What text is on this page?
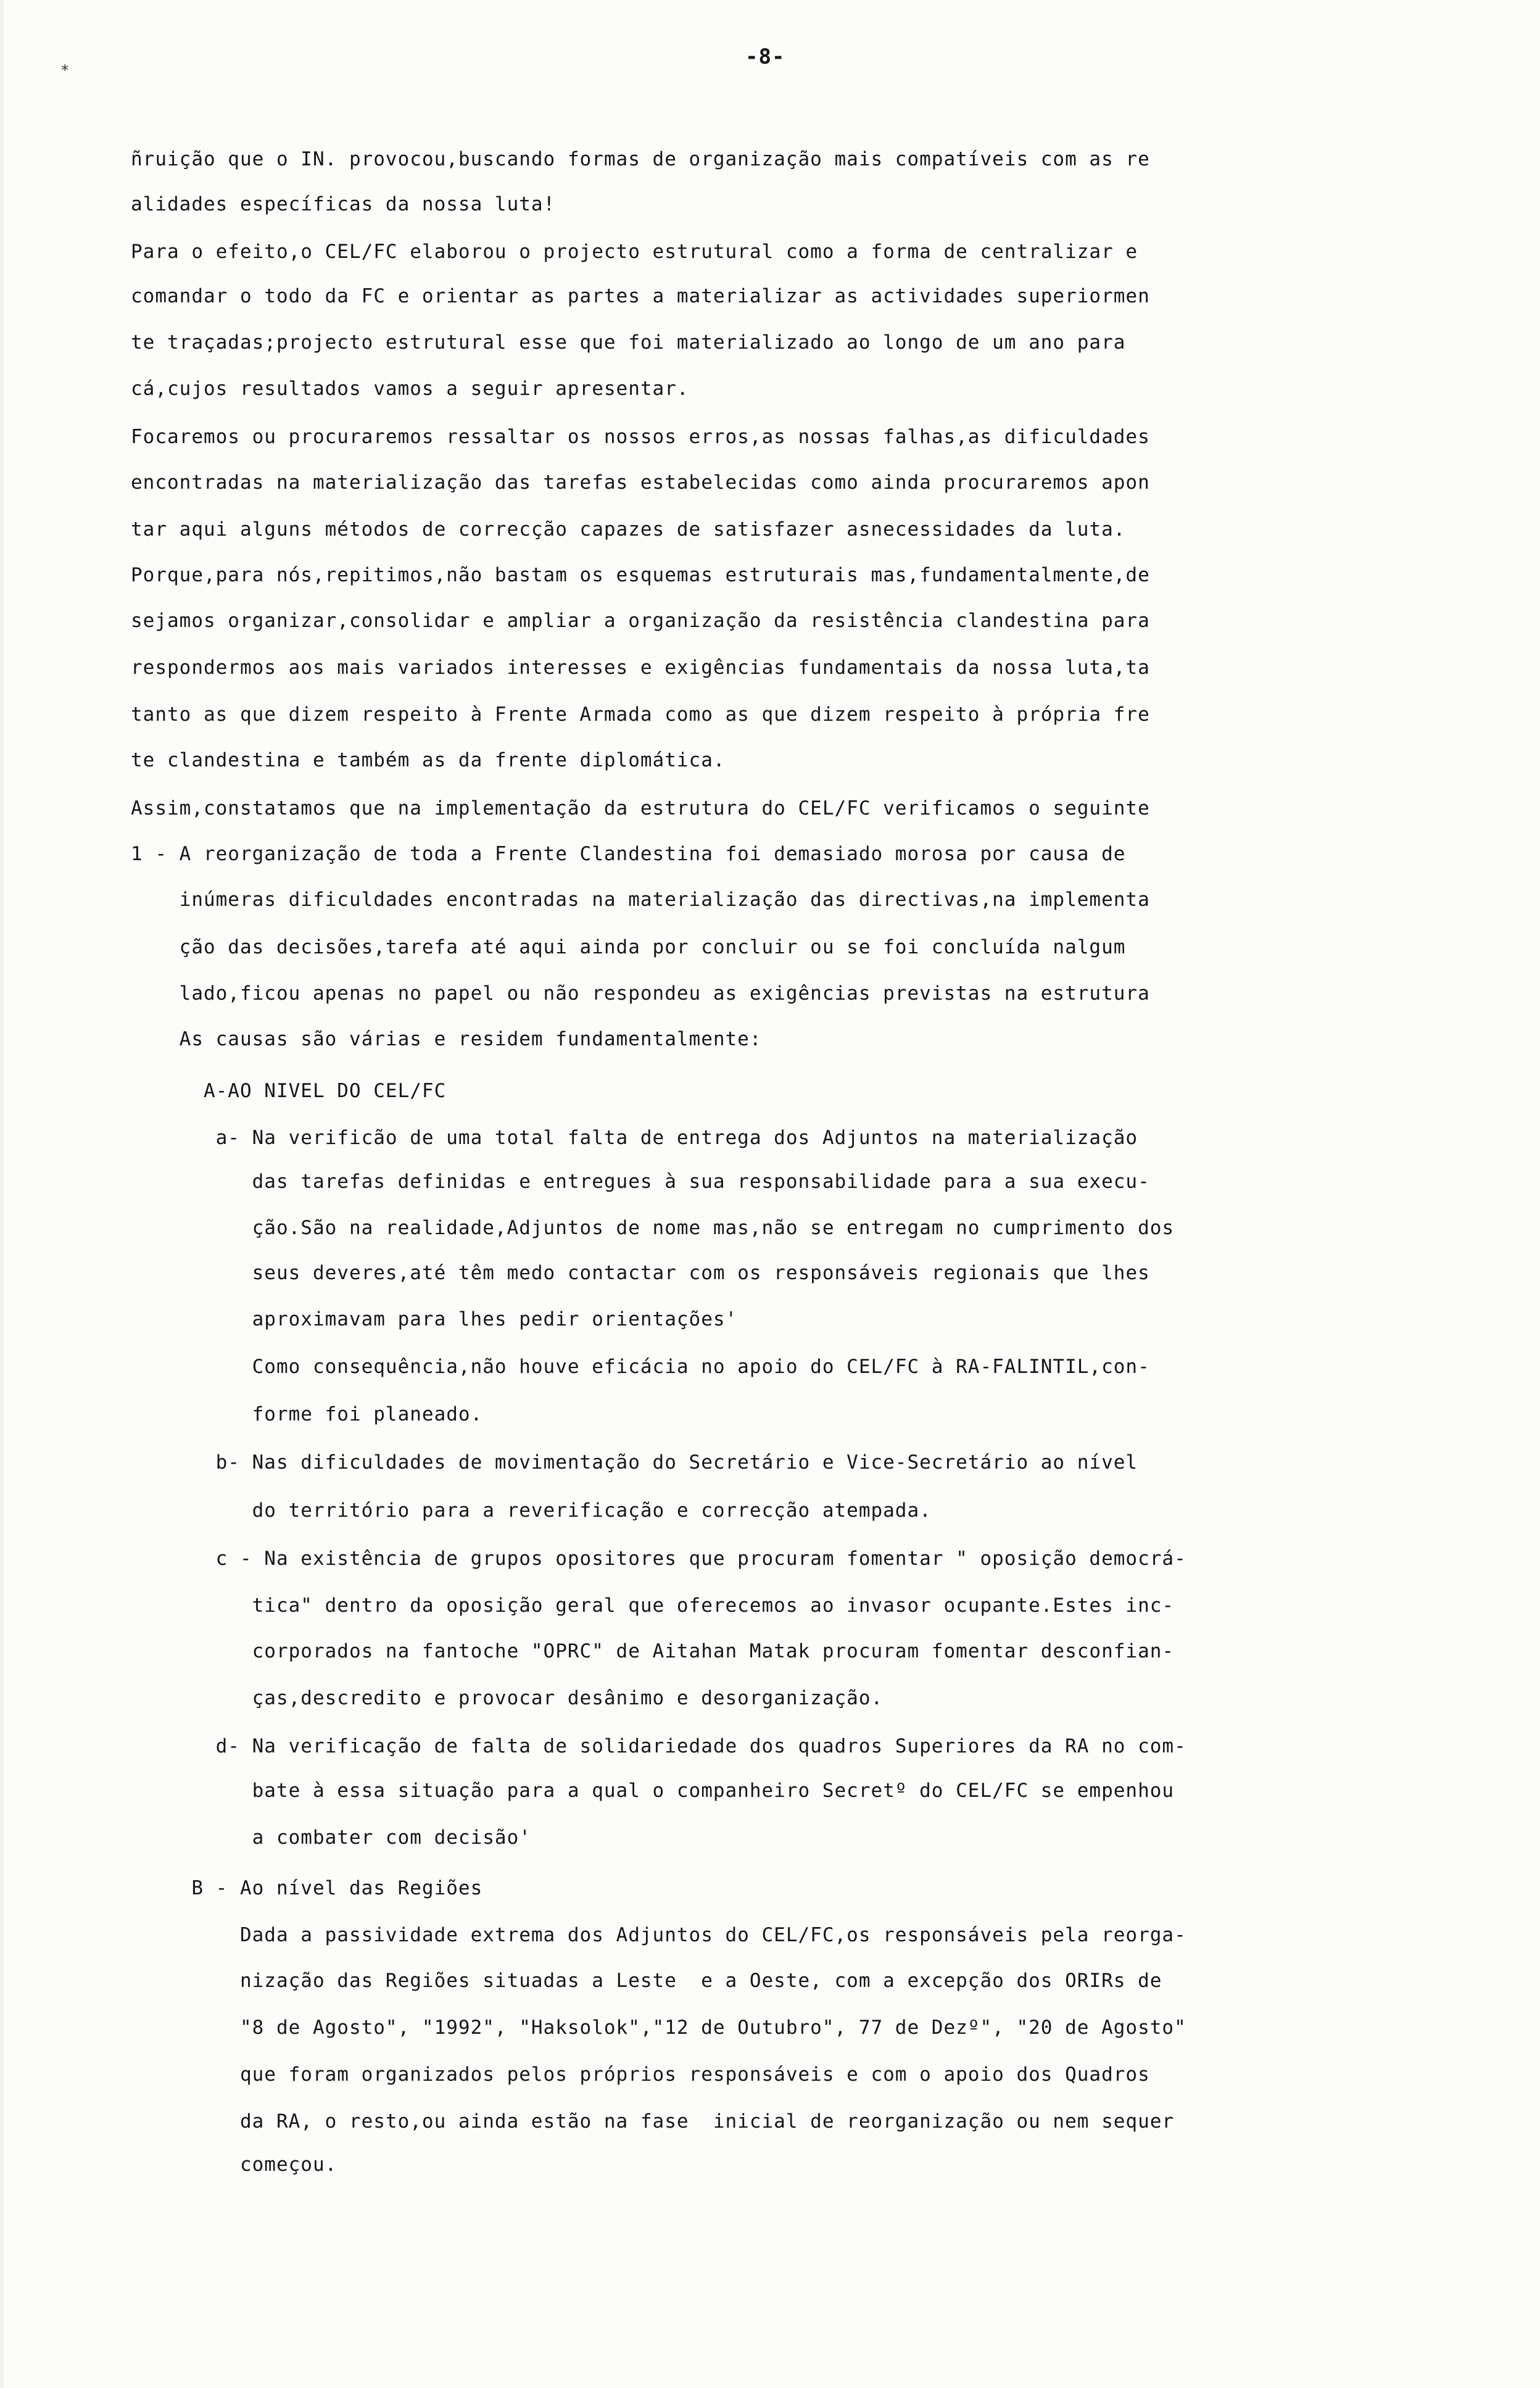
*
-8-
ñruição que o IN. provocou,buscando formas de organização mais compatíveis com as re
alidades específicas da nossa luta!
Para o efeito,o CEL/FC elaborou o projecto estrutural como a forma de centralizar e
comandar o todo da FC e orientar as partes a materializar as actividades superiormen
te traçadas;projecto estrutural esse que foi materializado ao longo de um ano para
cá,cujos resultados vamos a seguir apresentar.
Focaremos ou procuraremos ressaltar os nossos erros,as nossas falhas,as dificuldades
encontradas na materialização das tarefas estabelecidas como ainda procuraremos apon
tar aqui alguns métodos de correcção capazes de satisfazer asnecessidades da luta.
Porque,para nós,repitimos,não bastam os esquemas estruturais mas,fundamentalmente,de
sejamos organizar,consolidar e ampliar a organização da resistência clandestina para
respondermos aos mais variados interesses e exigências fundamentais da nossa luta,ta
tanto as que dizem respeito à Frente Armada como as que dizem respeito à própria fre
te clandestina e também as da frente diplomática.
Assim,constatamos que na implementação da estrutura do CEL/FC verificamos o seguinte
1 - A reorganização de toda a Frente Clandestina foi demasiado morosa por causa de
inúmeras dificuldades encontradas na materialização das directivas,na implementa
ção das decisões,tarefa até aqui ainda por concluir ou se foi concluída nalgum
lado,ficou apenas no papel ou não respondeu as exigências previstas na estrutura
As causas são várias e residem fundamentalmente:
A-AO NIVEL DO CEL/FC
a- Na verificão de uma total falta de entrega dos Adjuntos na materialização
das tarefas definidas e entregues à sua responsabilidade para a sua execu-
ção.São na realidade,Adjuntos de nome mas,não se entregam no cumprimento dos
seus deveres,até têm medo contactar com os responsáveis regionais que lhes
aproximavam para lhes pedir orientações'
Como consequência,não houve eficácia no apoio do CEL/FC à RA-FALINTIL,con-
forme foi planeado.
b- Nas dificuldades de movimentação do Secretário e Vice-Secretário ao nível
do território para a reverificação e correcção atempada.
c - Na existência de grupos opositores que procuram fomentar " oposição democrá-
tica" dentro da oposição geral que oferecemos ao invasor ocupante.Estes inc-
corporados na fantoche "OPRC" de Aitahan Matak procuram fomentar desconfian-
ças,descredito e provocar desânimo e desorganização.
d- Na verificação de falta de solidariedade dos quadros Superiores da RA no com-
bate à essa situação para a qual o companheiro Secretº do CEL/FC se empenhou
a combater com decisão'
B - Ao nível das Regiões
Dada a passividade extrema dos Adjuntos do CEL/FC,os responsáveis pela reorga-
nização das Regiões situadas a Leste  e a Oeste, com a excepção dos ORIRs de
"8 de Agosto", "1992", "Haksolok","12 de Outubro", 77 de Dezº", "20 de Agosto"
que foram organizados pelos próprios responsáveis e com o apoio dos Quadros
da RA, o resto,ou ainda estão na fase  inicial de reorganização ou nem sequer
começou.
